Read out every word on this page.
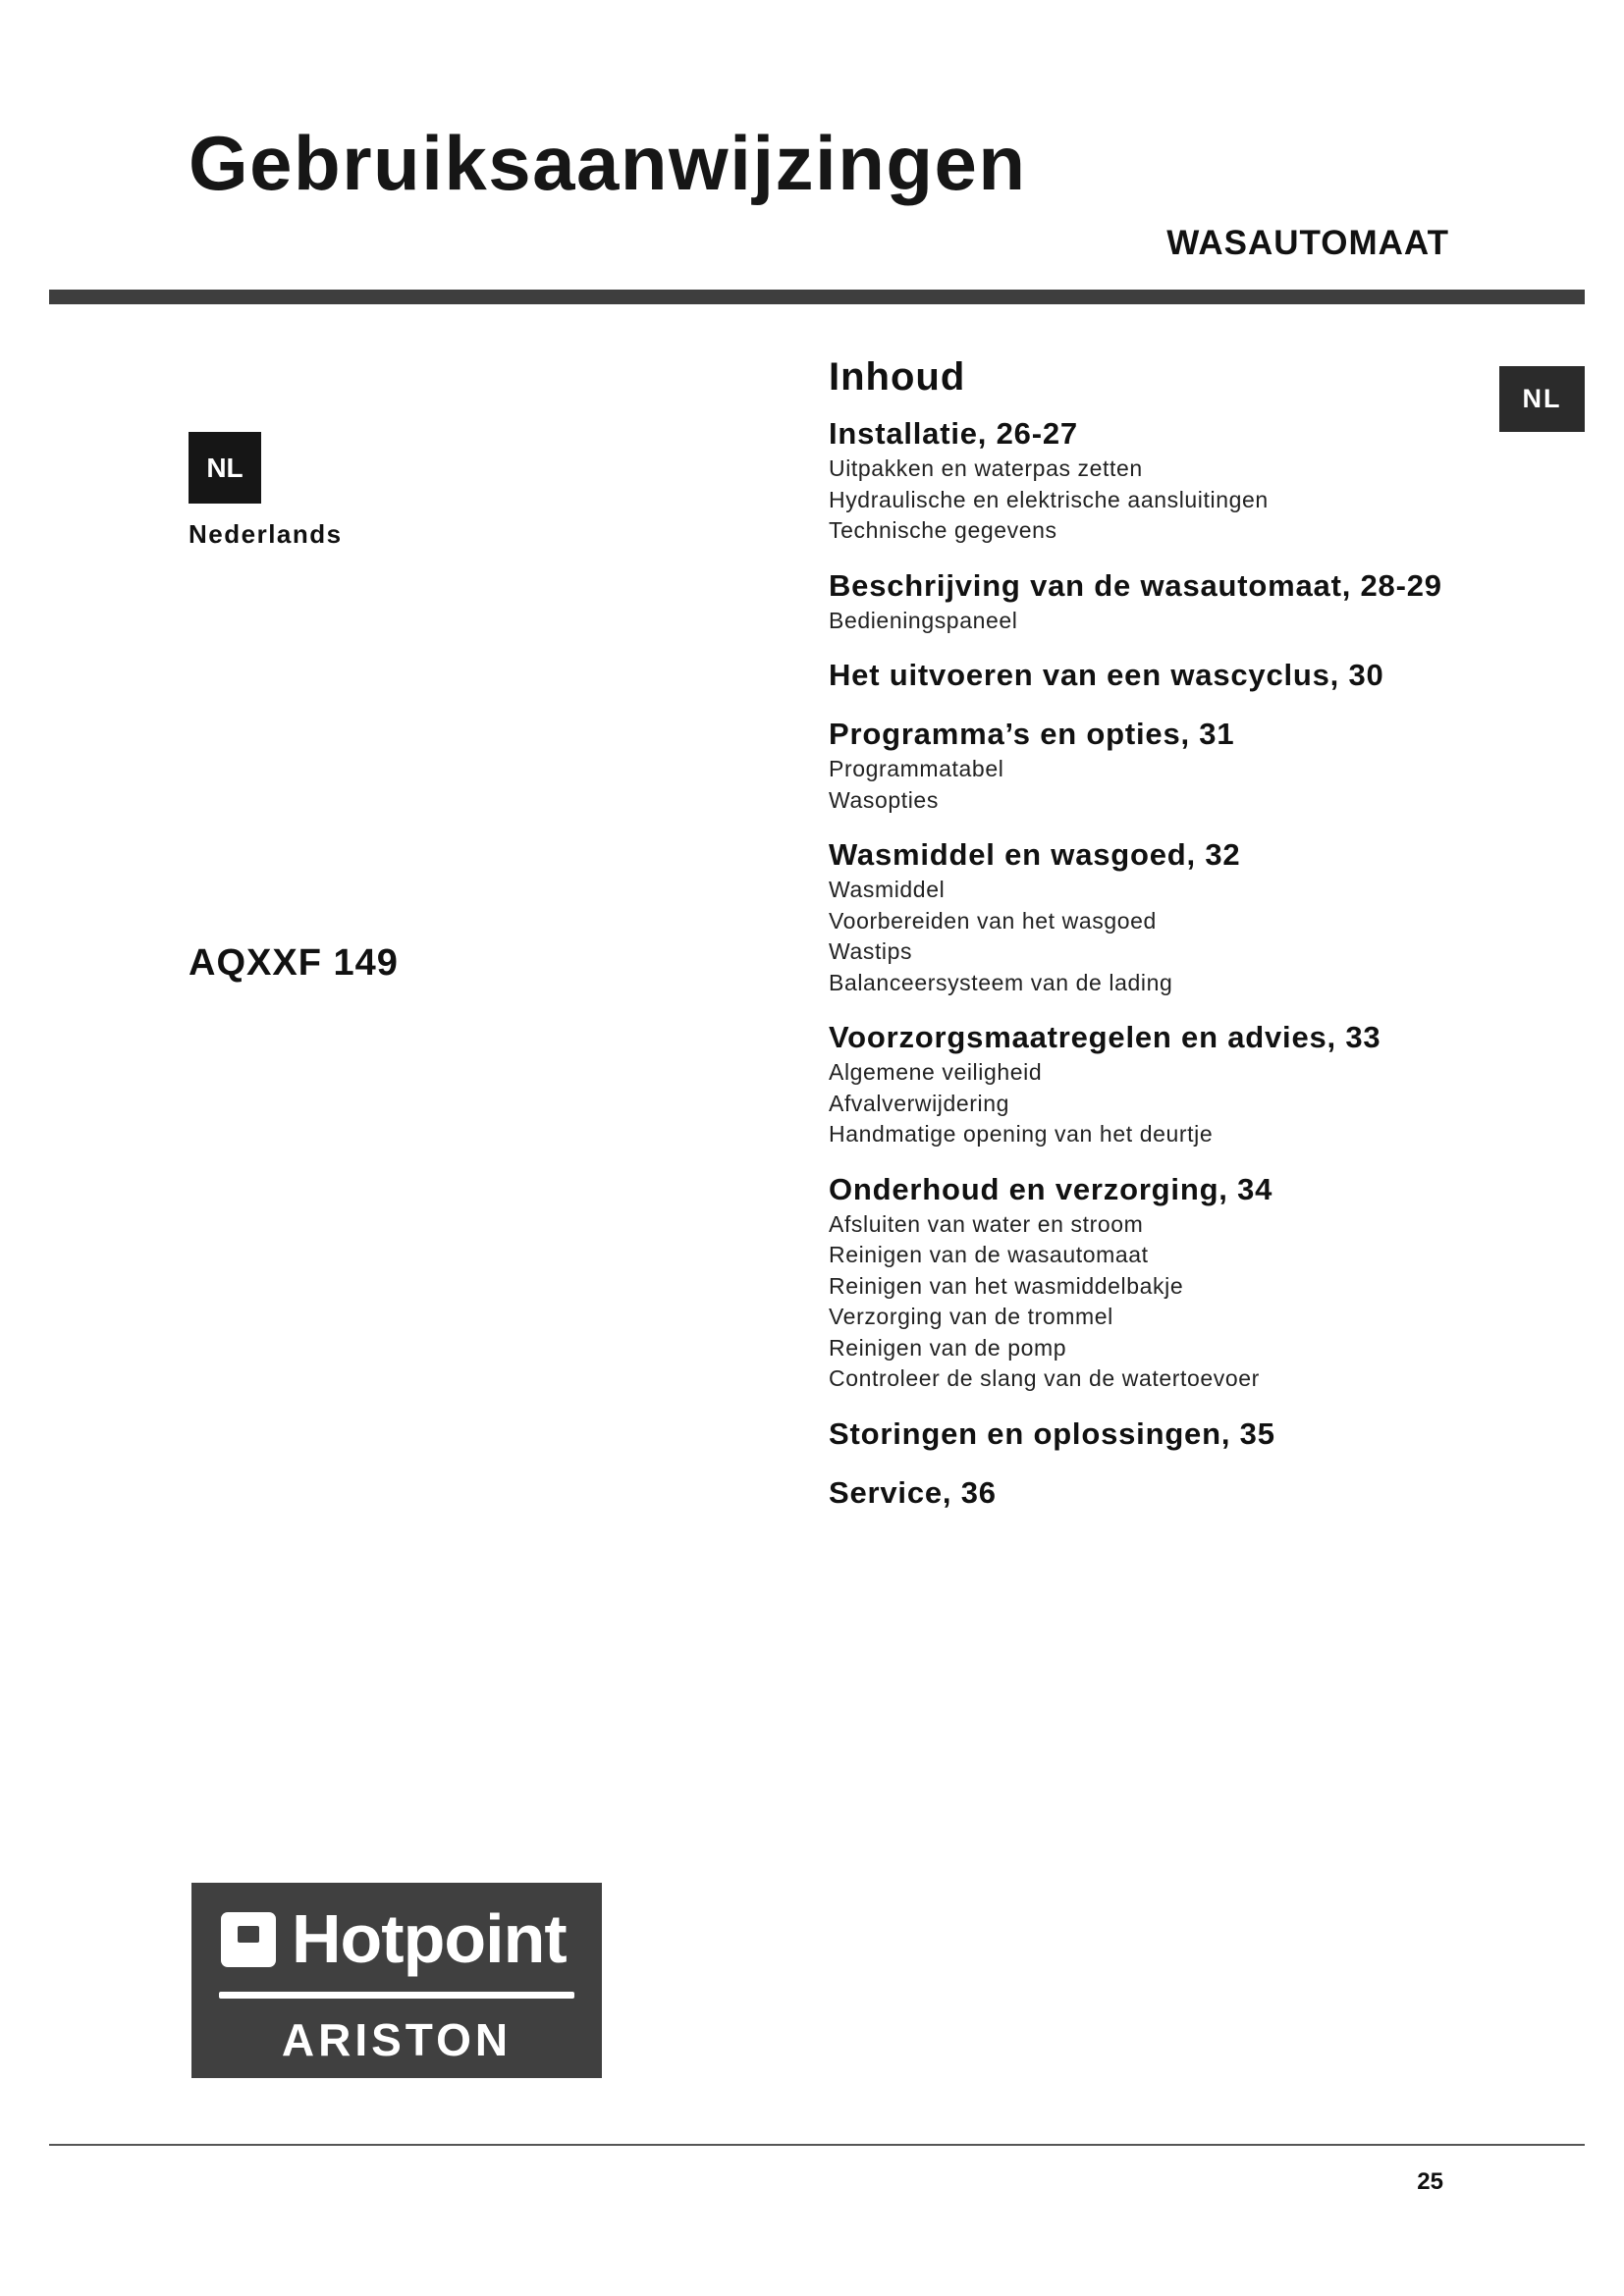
Gebruiksaanwijzingen
WASAUTOMAAT
NL
Nederlands
AQXXF 149
NL
Inhoud
Installatie, 26-27
Uitpakken en waterpas zetten
Hydraulische en elektrische aansluitingen
Technische gegevens
Beschrijving van de wasautomaat, 28-29
Bedieningspaneel
Het uitvoeren van een wascyclus, 30
Programma’s en opties, 31
Programmatabel
Wasopties
Wasmiddel en wasgoed, 32
Wasmiddel
Voorbereiden van het wasgoed
Wastips
Balanceersysteem van de lading
Voorzorgsmaatregelen en advies, 33
Algemene veiligheid
Afvalverwijdering
Handmatige opening van het deurtje
Onderhoud en verzorging, 34
Afsluiten van water en stroom
Reinigen van de wasautomaat
Reinigen van het wasmiddelbakje
Verzorging van de trommel
Reinigen van de pomp
Controleer de slang van de watertoevoer
Storingen en oplossingen, 35
Service, 36
Hotpoint
ARISTON
25
